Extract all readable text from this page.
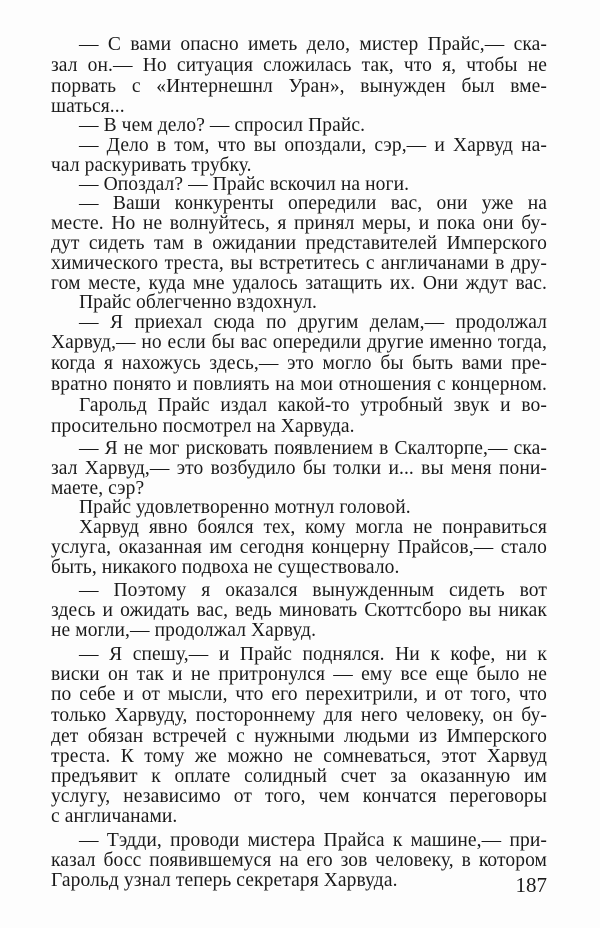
— С вами опасно иметь дело, мистер Прайс,— ска-
зал он.— Но ситуация сложилась так, что я, чтобы не
порвать с «Интернешнл Уран», вынужден был вме-
шаться...
— В чем дело? — спросил Прайс.
— Дело в том, что вы опоздали, сэр,— и Харвуд на-
чал раскуривать трубку.
— Опоздал? — Прайс вскочил на ноги.
— Ваши конкуренты опередили вас, они уже на
месте. Но не волнуйтесь, я принял меры, и пока они бу-
дут сидеть там в ожидании представителей Имперского
химического треста, вы встретитесь с англичанами в дру-
гом месте, куда мне удалось затащить их. Они ждут вас.
Прайс облегченно вздохнул.
— Я приехал сюда по другим делам,— продолжал
Харвуд,— но если бы вас опередили другие именно тогда,
когда я нахожусь здесь,— это могло бы быть вами пре-
вратно понято и повлиять на мои отношения с концерном.
Гарольд Прайс издал какой-то утробный звук и во-
просительно посмотрел на Харвуда.
— Я не мог рисковать появлением в Скалторпе,— ска-
зал Харвуд,— это возбудило бы толки и... вы меня пони-
маете, сэр?
Прайс удовлетворенно мотнул головой.
Харвуд явно боялся тех, кому могла не понравиться
услуга, оказанная им сегодня концерну Прайсов,— стало
быть, никакого подвоха не существовало.
— Поэтому я оказался вынужденным сидеть вот
здесь и ожидать вас, ведь миновать Скоттсборо вы никак
не могли,— продолжал Харвуд.
— Я спешу,— и Прайс поднялся. Ни к кофе, ни к
виски он так и не притронулся — ему все еще было не
по себе и от мысли, что его перехитрили, и от того, что
только Харвуду, постороннему для него человеку, он бу-
дет обязан встречей с нужными людьми из Имперского
треста. К тому же можно не сомневаться, этот Харвуд
предъявит к оплате солидный счет за оказанную им
услугу, независимо от того, чем кончатся переговоры
с англичанами.
— Тэдди, проводи мистера Прайса к машине,— при-
казал босс появившемуся на его зов человеку, в котором
Гарольд узнал теперь секретаря Харвуда.	187
